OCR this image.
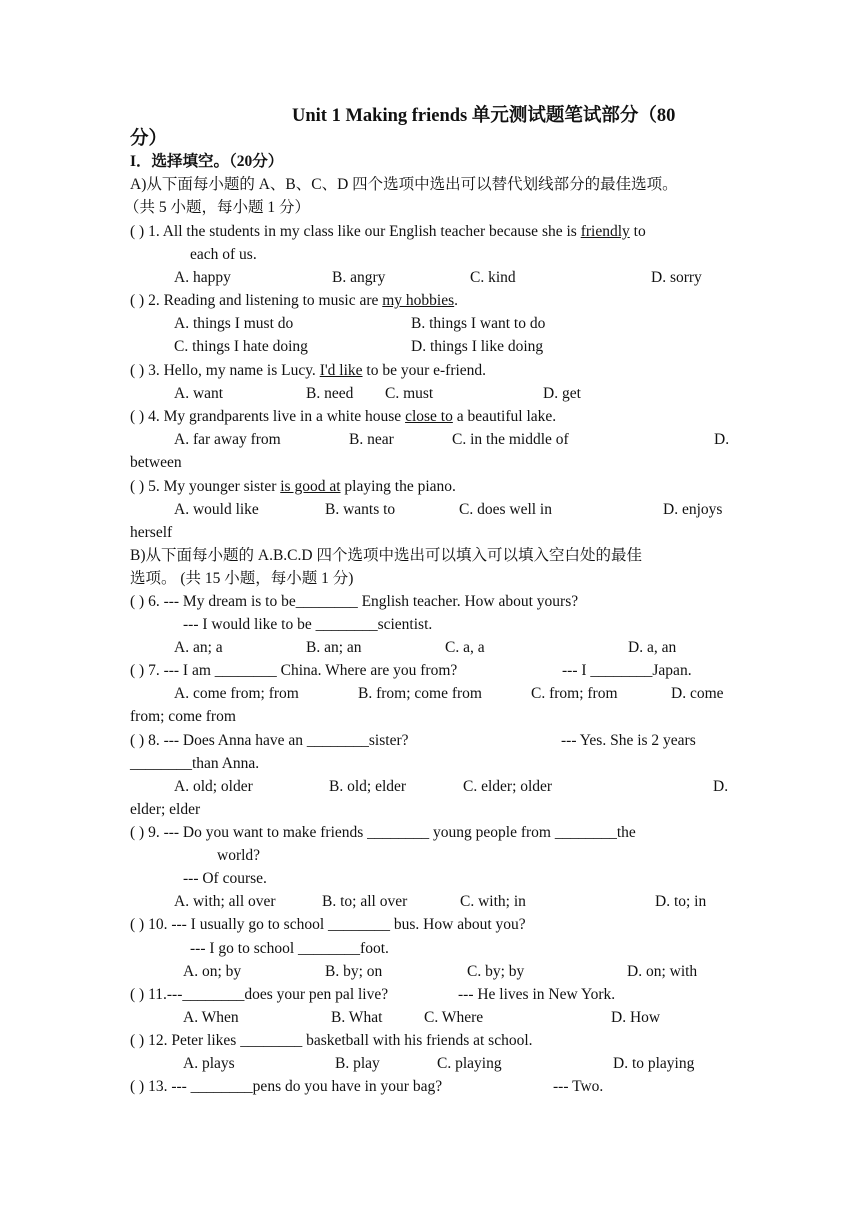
Unit 1 Making friends 单元测试题笔试部分（80
分）
I．选择填空。（20分）
A)从下面每小题的 A、B、C、D 四个选项中选出可以替代划线部分的最佳选项。
（共 5 小题，每小题 1 分）
( ) 1. All the students in my class like our English teacher because she is friendly to
each of us.
A. happy	B. angry	C. kind	D. sorry
( ) 2. Reading and listening to music are my hobbies.
A. things I must do	B. things I want to do
C. things I hate doing	D. things I like doing
( ) 3. Hello, my name is Lucy. I'd like to be your e-friend.
A. want	B. need C. must	D. get
( ) 4. My grandparents live in a white house close to a beautiful lake.
A. far away from	B. near	C. in the middle of	D.
between
( ) 5. My younger sister is good at playing the piano.
A. would like	B. wants to	C. does well in	D. enjoys
herself
B)从下面每小题的 A.B.C.D 四个选项中选出可以填入可以填入空白处的最佳
选项。 (共 15 小题，每小题 1 分)
( ) 6. --- My dream is to be________ English teacher. How about yours?
--- I would like to be ________scientist.
A. an; a	B. an; an	C. a, a	D. a, an
( ) 7. --- I am ________ China. Where are you from?	--- I ________Japan.
A. come from; from	B. from; come from	C. from; from	D. come
from; come from
( ) 8. --- Does Anna have an ________sister?	--- Yes. She is 2 years
________than Anna.
A. old; older	B. old; elder	C. elder; older	D.
elder; elder
( ) 9. --- Do you want to make friends ________ young people from ________the
world?
--- Of course.
A. with; all over	B. to; all over	C. with; in	D. to; in
( ) 10. --- I usually go to school ________ bus. How about you?
--- I go to school ________foot.
A. on; by	B. by; on	C. by; by	D. on; with
( ) 11.---________does your pen pal live?	--- He lives in New York.
A. When	B. What	C. Where	D. How
( ) 12. Peter likes ________ basketball with his friends at school.
A. plays	B. play	C. playing	D. to playing
( ) 13. --- ________pens do you have in your bag?	--- Two.
